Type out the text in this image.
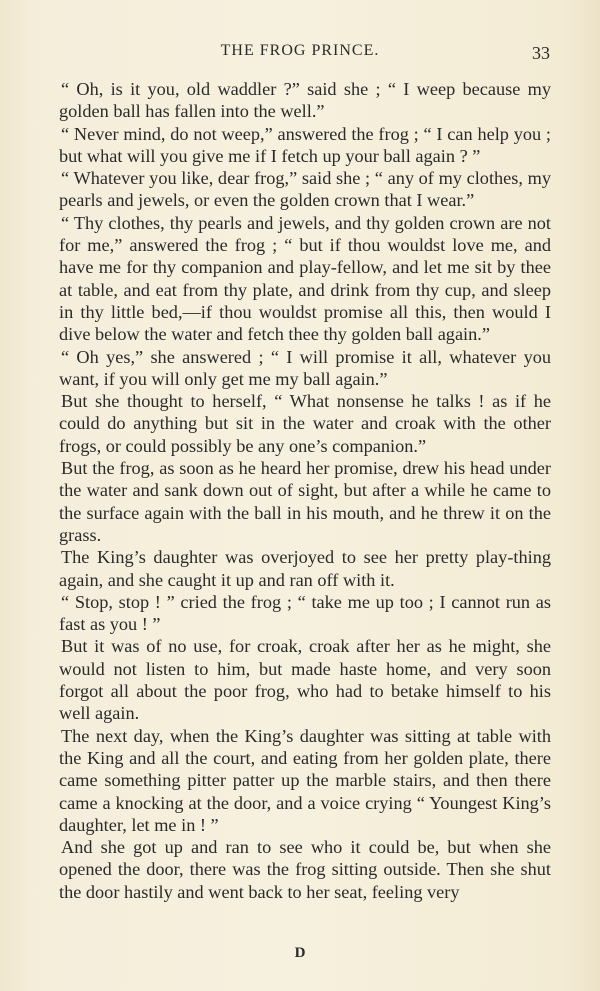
THE FROG PRINCE.	33

“ Oh, is it you, old waddler ?” said she ; “ I weep because my golden ball has fallen into the well.”

“ Never mind, do not weep,” answered the frog ; “ I can help you ; but what will you give me if I fetch up your ball again ? ”

“ Whatever you like, dear frog,” said she ; “ any of my clothes, my pearls and jewels, or even the golden crown that I wear.”

“ Thy clothes, thy pearls and jewels, and thy golden crown are not for me,” answered the frog ; “ but if thou wouldst love me, and have me for thy companion and play-fellow, and let me sit by thee at table, and eat from thy plate, and drink from thy cup, and sleep in thy little bed,—if thou wouldst promise all this, then would I dive below the water and fetch thee thy golden ball again.”

“ Oh yes,” she answered ; “ I will promise it all, whatever you want, if you will only get me my ball again.”

But she thought to herself, “ What nonsense he talks ! as if he could do anything but sit in the water and croak with the other frogs, or could possibly be any one’s companion.”

But the frog, as soon as he heard her promise, drew his head under the water and sank down out of sight, but after a while he came to the surface again with the ball in his mouth, and he threw it on the grass.

The King’s daughter was overjoyed to see her pretty play-thing again, and she caught it up and ran off with it.

“ Stop, stop ! ” cried the frog ; “ take me up too ; I cannot run as fast as you ! ”

But it was of no use, for croak, croak after her as he might, she would not listen to him, but made haste home, and very soon forgot all about the poor frog, who had to betake himself to his well again.

The next day, when the King’s daughter was sitting at table with the King and all the court, and eating from her golden plate, there came something pitter patter up the marble stairs, and then there came a knocking at the door, and a voice crying “ Youngest King’s daughter, let me in ! ”

And she got up and ran to see who it could be, but when she opened the door, there was the frog sitting outside. Then she shut the door hastily and went back to her seat, feeling very

D
